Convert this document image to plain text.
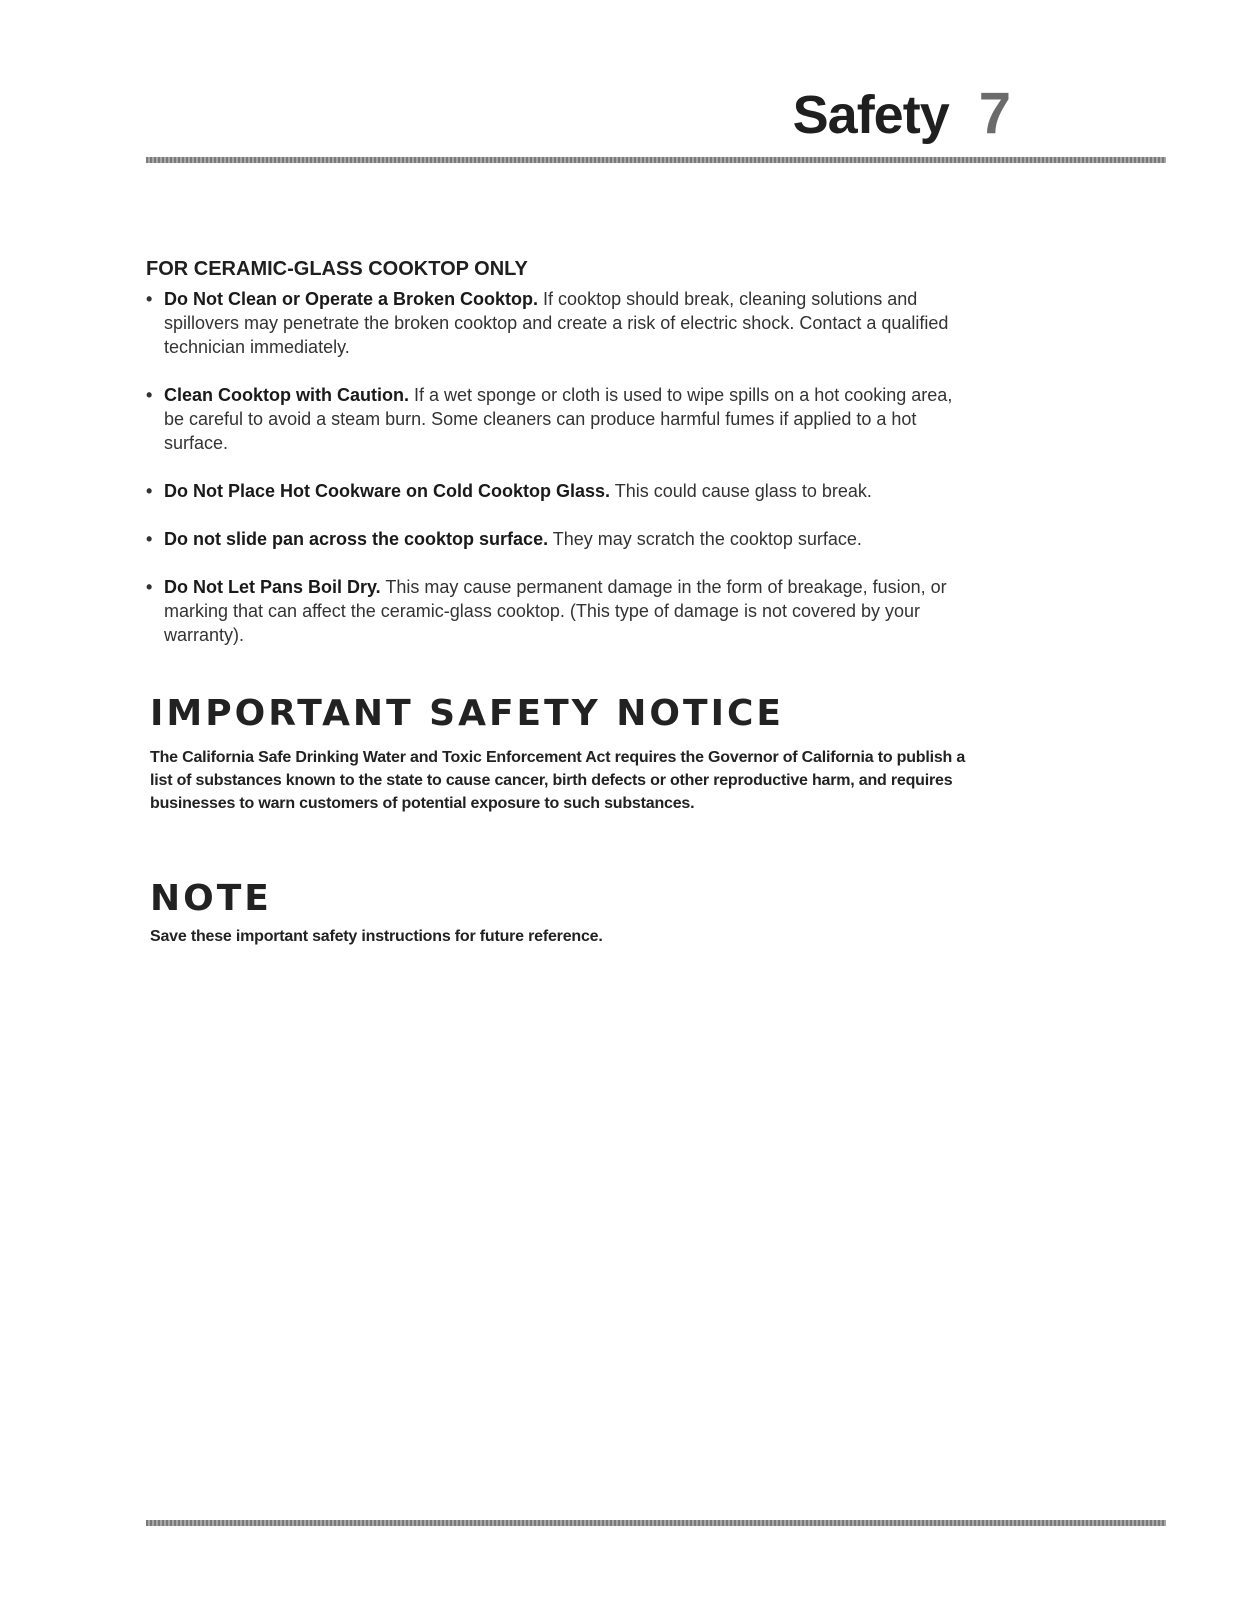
Safety 7
FOR CERAMIC-GLASS COOKTOP ONLY
• Do Not Clean or Operate a Broken Cooktop. If cooktop should break, cleaning solutions and spillovers may penetrate the broken cooktop and create a risk of electric shock. Contact a qualified technician immediately.
• Clean Cooktop with Caution. If a wet sponge or cloth is used to wipe spills on a hot cooking area, be careful to avoid a steam burn. Some cleaners can produce harmful fumes if applied to a hot surface.
• Do Not Place Hot Cookware on Cold Cooktop Glass. This could cause glass to break.
• Do not slide pan across the cooktop surface. They may scratch the cooktop surface.
• Do Not Let Pans Boil Dry. This may cause permanent damage in the form of breakage, fusion, or marking that can affect the ceramic-glass cooktop. (This type of damage is not covered by your warranty).
IMPORTANT SAFETY NOTICE
The California Safe Drinking Water and Toxic Enforcement Act requires the Governor of California to publish a list of substances known to the state to cause cancer, birth defects or other reproductive harm, and requires businesses to warn customers of potential exposure to such substances.
NOTE
Save these important safety instructions for future reference.
